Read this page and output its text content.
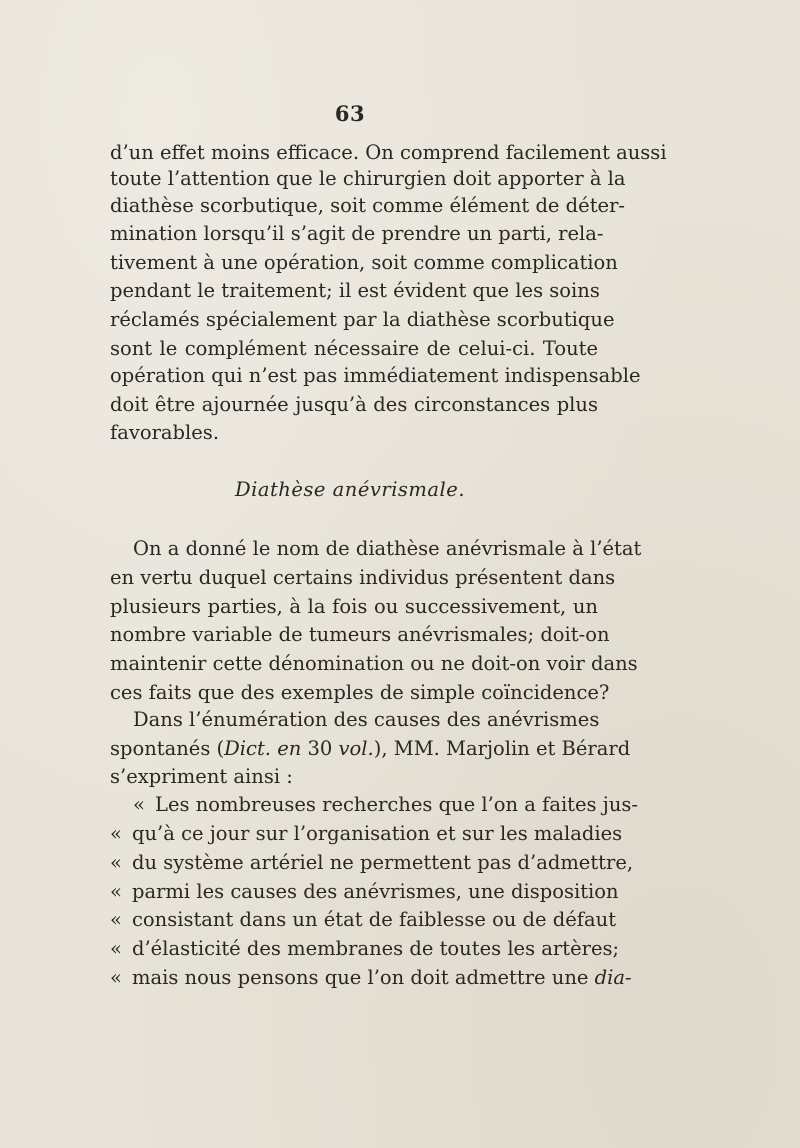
63
d’un effet moins efficace. On comprend facilement aussi
toute l’attention que le chirurgien doit apporter à la
diathèse scorbutique, soit comme élément de déter-
mination lorsqu’il s’agit de prendre un parti, rela-
tivement à une opération, soit comme complication
pendant le traitement; il est évident que les soins
réclamés spécialement par la diathèse scorbutique
sont le complément nécessaire de celui-ci. Toute
opération qui n’est pas immédiatement indispensable
doit être ajournée jusqu’à des circonstances plus
favorables.
Diathèse anévrismale.
On a donné le nom de diathèse anévrismale à l’état
en vertu duquel certains individus présentent dans
plusieurs parties, à la fois ou successivement, un
nombre variable de tumeurs anévrismales; doit-on
maintenir cette dénomination ou ne doit-on voir dans
ces faits que des exemples de simple coïncidence?
Dans l’énumération des causes des anévrismes
spontanés (Dict. en 30 vol.), MM. Marjolin et Bérard
s’expriment ainsi :
« Les nombreuses recherches que l’on a faites jus-
« qu’à ce jour sur l’organisation et sur les maladies
« du système artériel ne permettent pas d’admettre,
« parmi les causes des anévrismes, une disposition
« consistant dans un état de faiblesse ou de défaut
« d’élasticité des membranes de toutes les artères;
« mais nous pensons que l’on doit admettre une dia-
